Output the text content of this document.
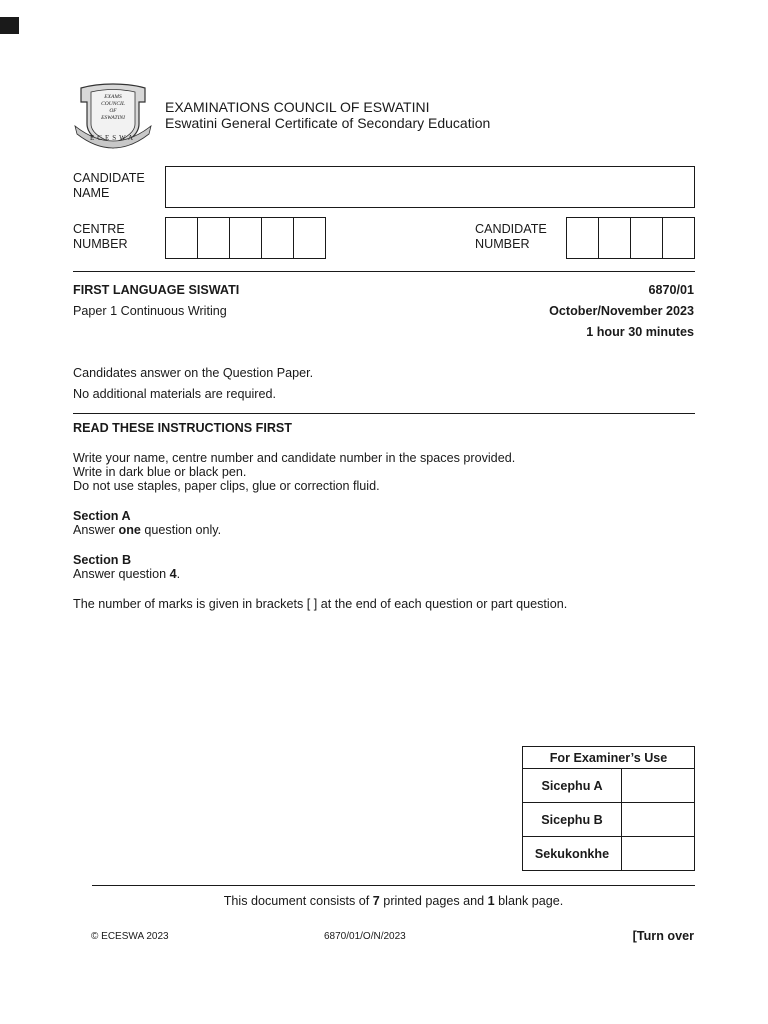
EXAMS
COUNCIL
OF
ESWATINI
ECESWA
EXAMINATIONS COUNCIL OF ESWATINI
Eswatini General Certificate of Secondary Education
CANDIDATE
NAME
CENTRE
NUMBER
CANDIDATE
NUMBER
FIRST LANGUAGE SISWATI	6870/01
Paper 1 Continuous Writing	October/November 2023
1 hour 30 minutes
Candidates answer on the Question Paper.
No additional materials are required.
READ THESE INSTRUCTIONS FIRST
Write your name, centre number and candidate number in the spaces provided.
Write in dark blue or black pen.
Do not use staples, paper clips, glue or correction fluid.
Section A
Answer one question only.
Section B
Answer question 4.
The number of marks is given in brackets [ ] at the end of each question or part question.
For Examiner’s Use	
Sicephu A	
Sicephu B	
Sekukonkhe	
This document consists of 7 printed pages and 1 blank page.
© ECESWA 2023	6870/01/O/N/2023	[Turn over
